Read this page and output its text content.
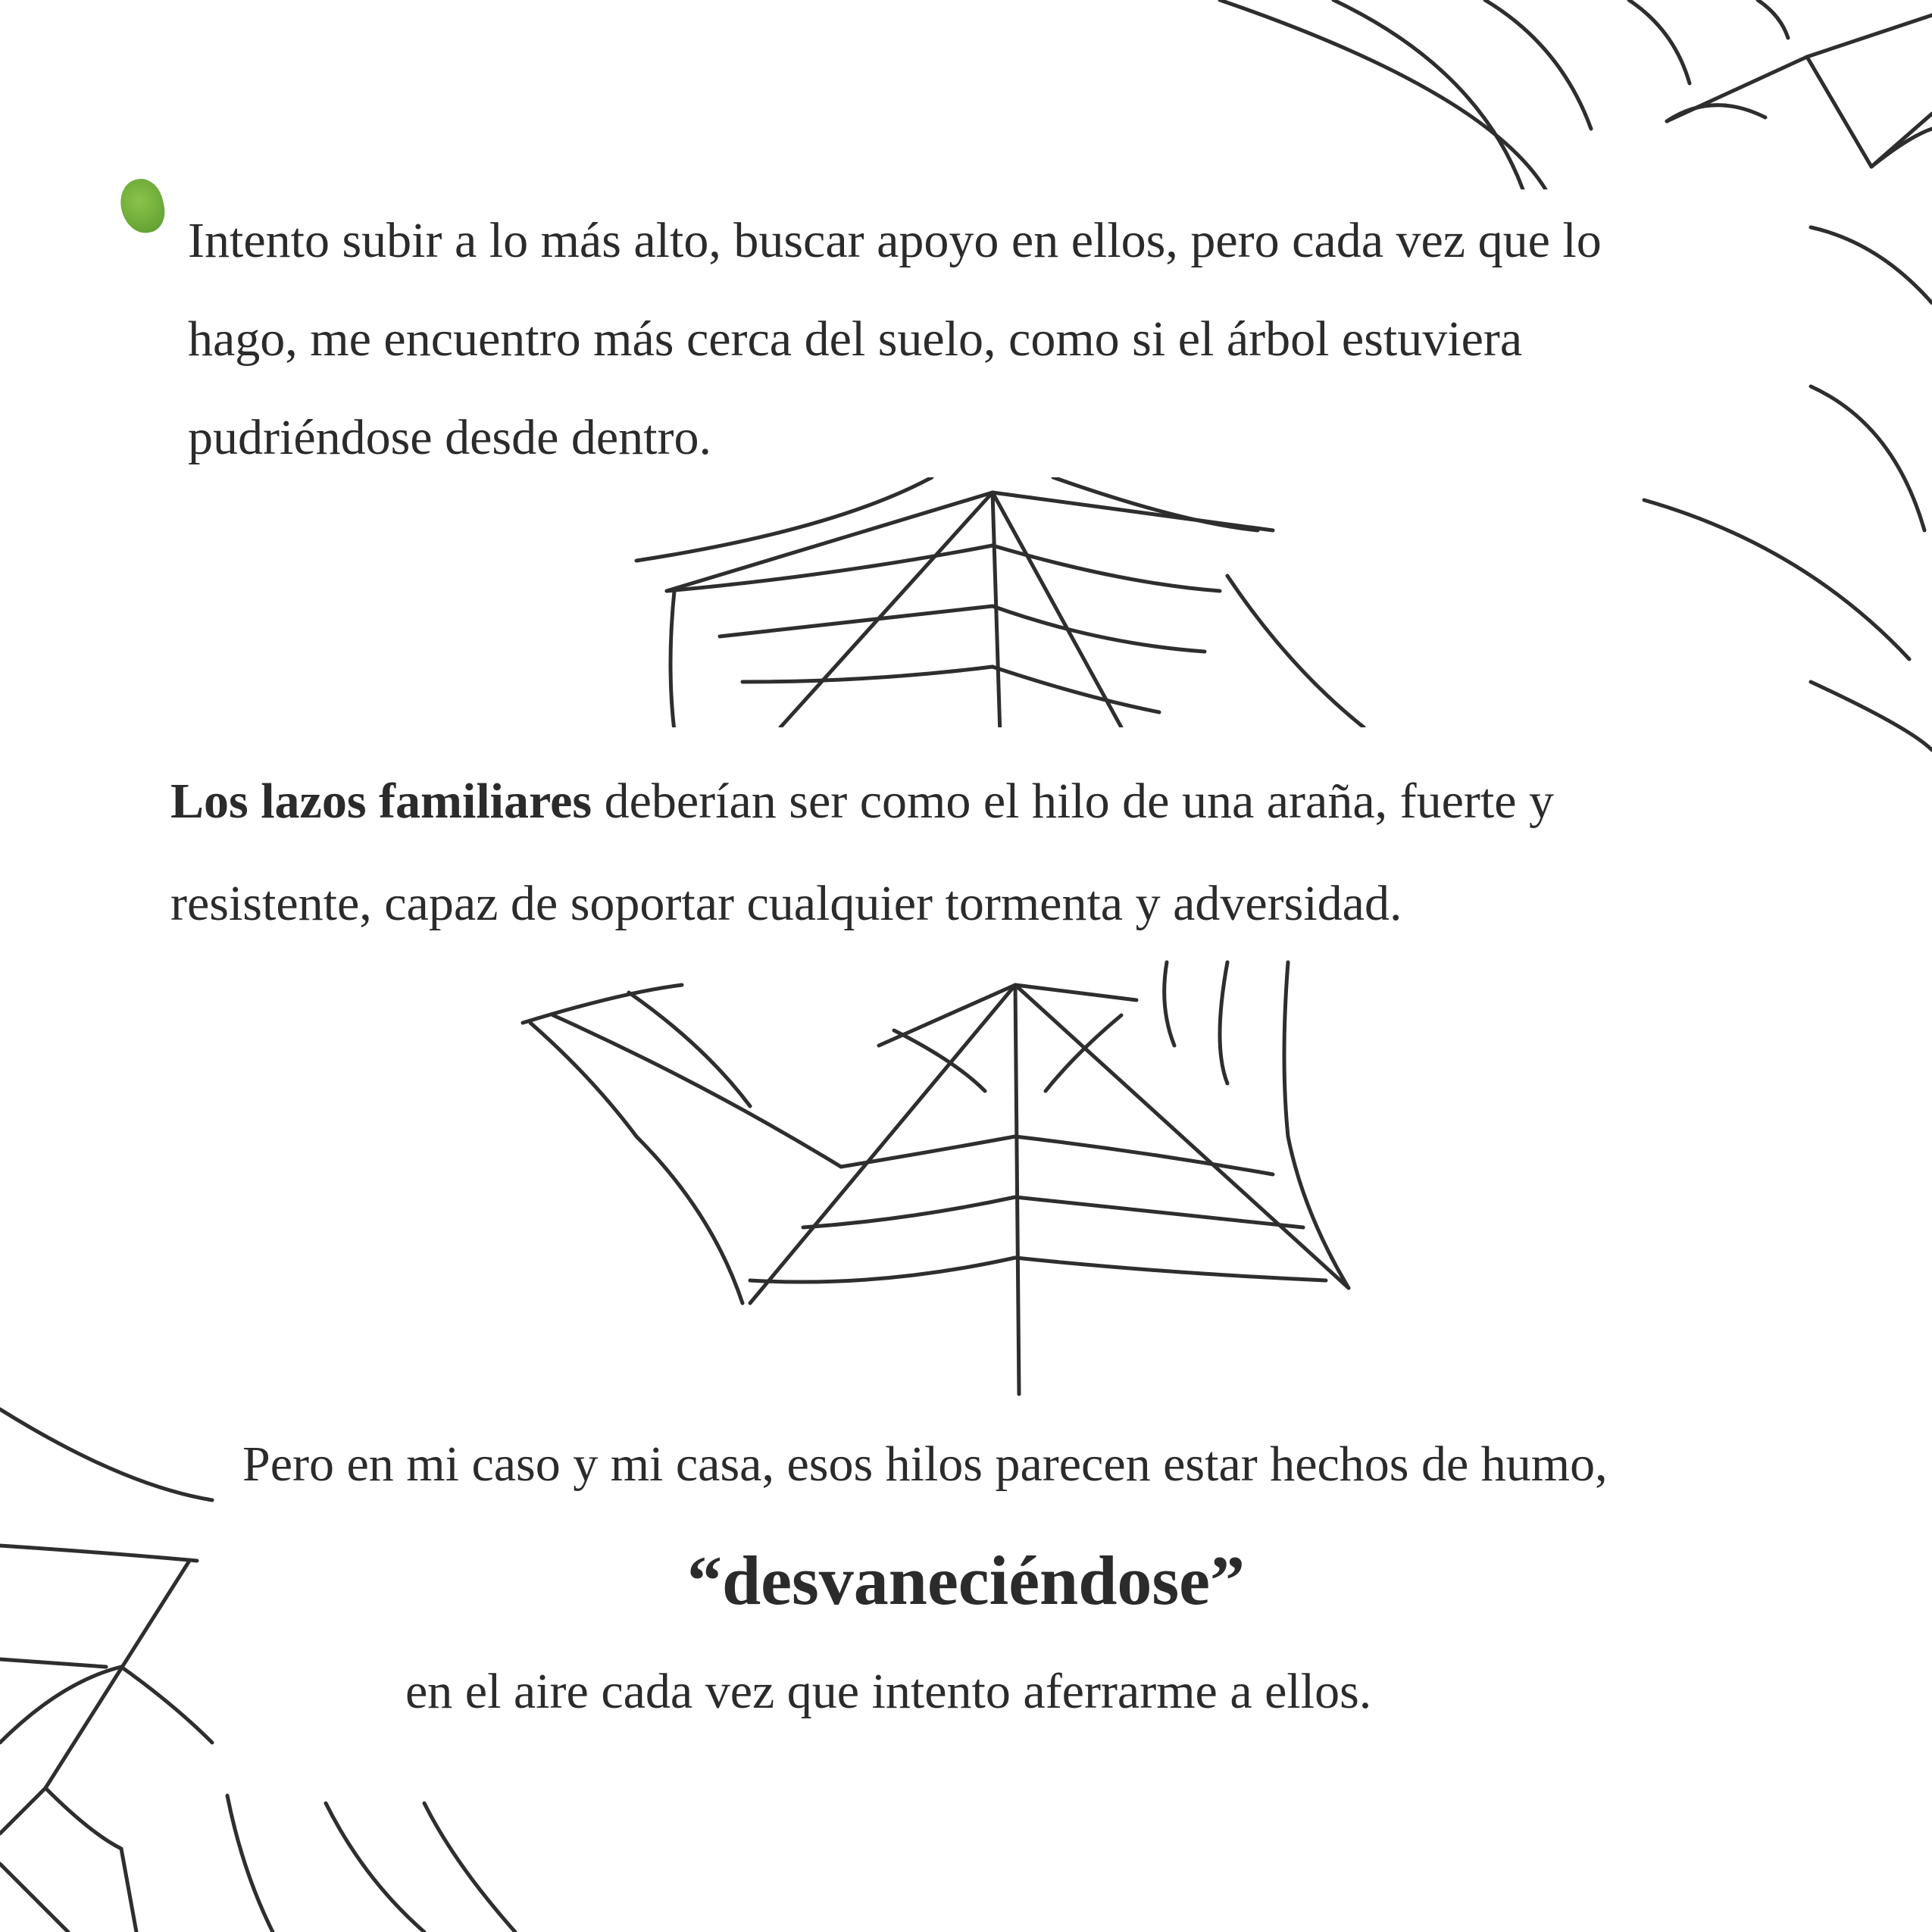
Intento subir a lo más alto, buscar apoyo en ellos, pero cada vez que lo
hago, me encuentro más cerca del suelo, como si el árbol estuviera
pudriéndose desde dentro.
Los lazos familiares deberían ser como el hilo de una araña, fuerte y
resistente, capaz de soportar cualquier tormenta y adversidad.
Pero en mi caso y mi casa, esos hilos parecen estar hechos de humo,
“desvaneciéndose”
en el aire cada vez que intento aferrarme a ellos.
